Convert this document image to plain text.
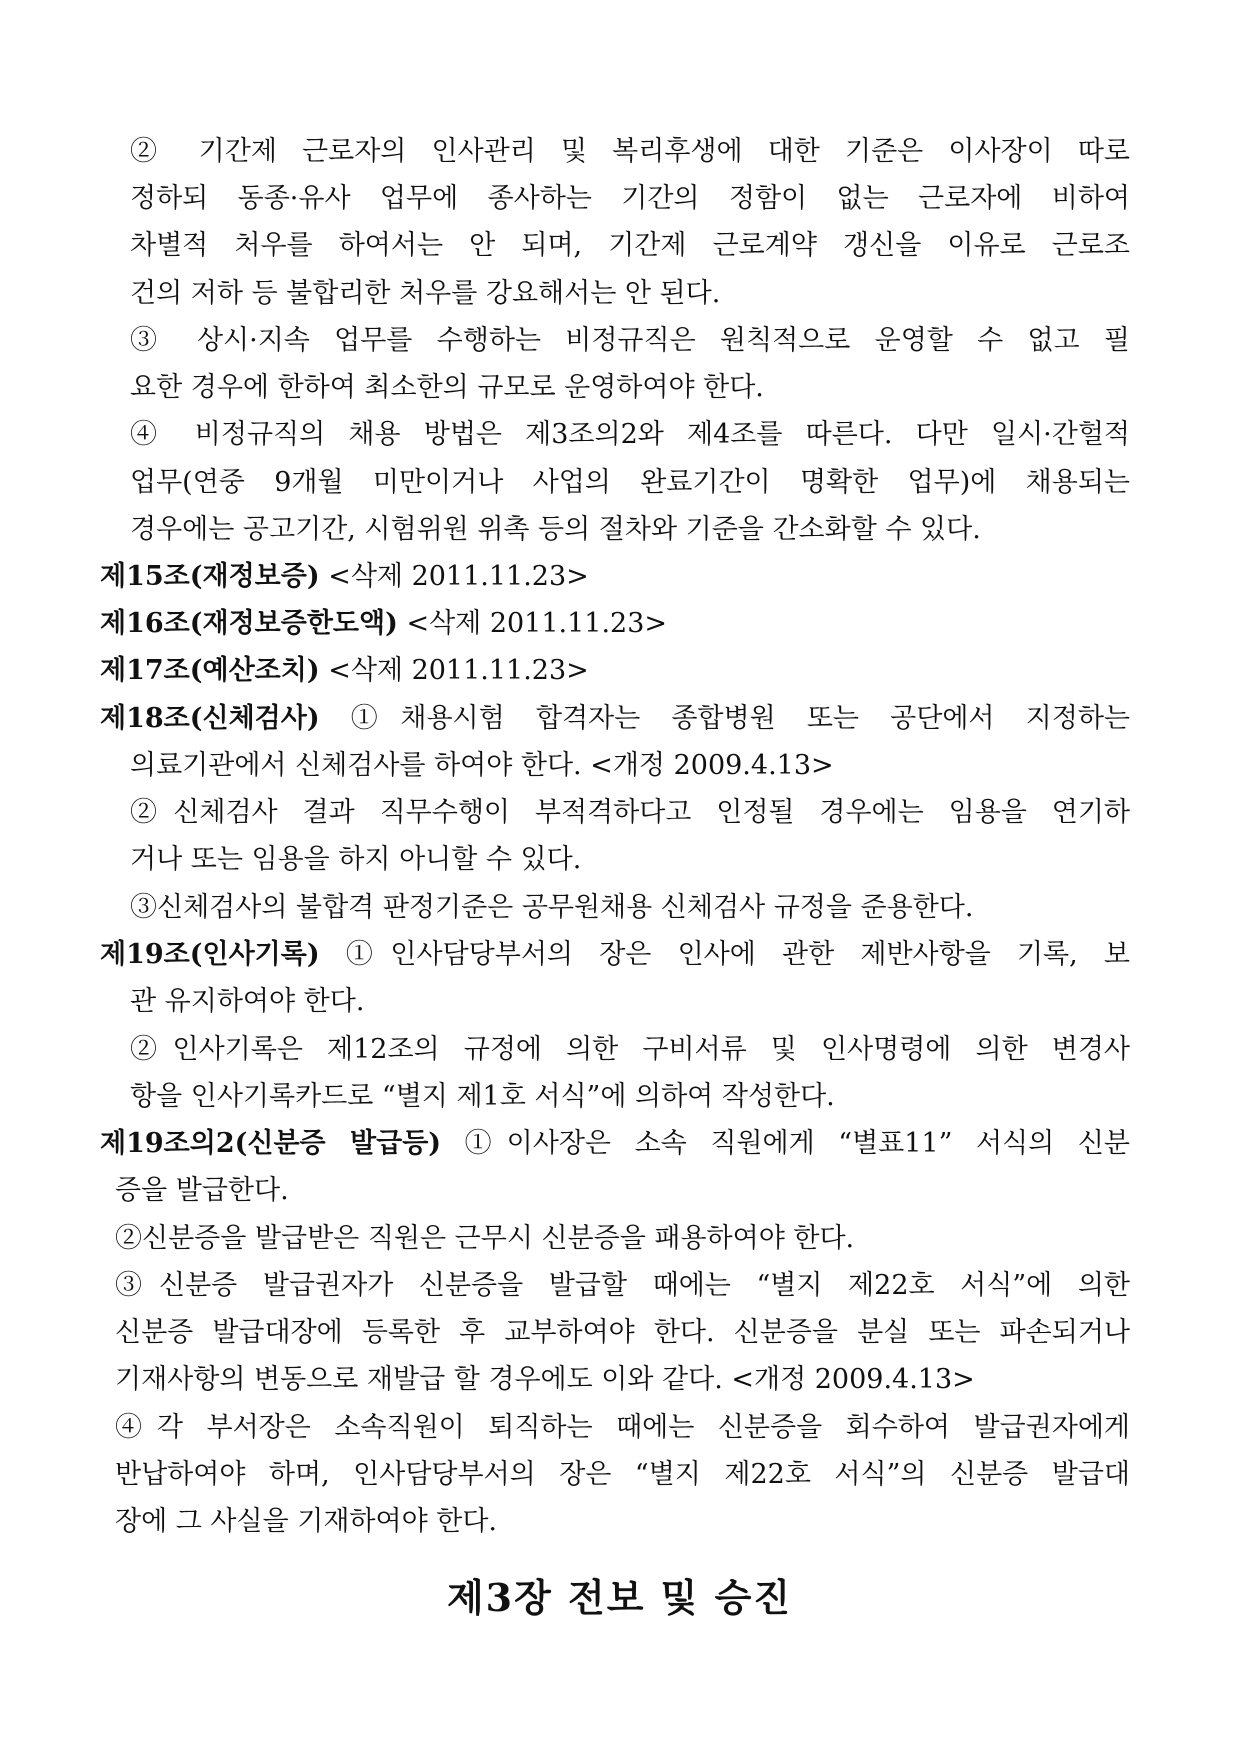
② 기간제 근로자의 인사관리 및 복리후생에 대한 기준은 이사장이 따로
정하되 동종·유사 업무에 종사하는 기간의 정함이 없는 근로자에 비하여
차별적 처우를 하여서는 안 되며, 기간제 근로계약 갱신을 이유로 근로조
건의 저하 등 불합리한 처우를 강요해서는 안 된다.
③ 상시·지속 업무를 수행하는 비정규직은 원칙적으로 운영할 수 없고 필
요한 경우에 한하여 최소한의 규모로 운영하여야 한다.
④ 비정규직의 채용 방법은 제3조의2와 제4조를 따른다. 다만 일시·간헐적
업무(연중 9개월 미만이거나 사업의 완료기간이 명확한 업무)에 채용되는
경우에는 공고기간, 시험위원 위촉 등의 절차와 기준을 간소화할 수 있다.
제15조(재정보증) <삭제 2011.11.23>
제16조(재정보증한도액) <삭제 2011.11.23>
제17조(예산조치) <삭제 2011.11.23>
제18조(신체검사) ①채용시험 합격자는 종합병원 또는 공단에서 지정하는
의료기관에서 신체검사를 하여야 한다. <개정 2009.4.13>
②신체검사 결과 직무수행이 부적격하다고 인정될 경우에는 임용을 연기하
거나 또는 임용을 하지 아니할 수 있다.
③신체검사의 불합격 판정기준은 공무원채용 신체검사 규정을 준용한다.
제19조(인사기록) ①인사담당부서의 장은 인사에 관한 제반사항을 기록, 보
관 유지하여야 한다.
②인사기록은 제12조의 규정에 의한 구비서류 및 인사명령에 의한 변경사
항을 인사기록카드로 “별지 제1호 서식”에 의하여 작성한다.
제19조의2(신분증 발급등) ①이사장은 소속 직원에게 “별표11” 서식의 신분
증을 발급한다.
②신분증을 발급받은 직원은 근무시 신분증을 패용하여야 한다.
③신분증 발급권자가 신분증을 발급할 때에는 “별지 제22호 서식”에 의한
신분증 발급대장에 등록한 후 교부하여야 한다. 신분증을 분실 또는 파손되거나
기재사항의 변동으로 재발급 할 경우에도 이와 같다. <개정 2009.4.13>
④각 부서장은 소속직원이 퇴직하는 때에는 신분증을 회수하여 발급권자에게
반납하여야 하며, 인사담당부서의 장은 “별지 제22호 서식”의 신분증 발급대
장에 그 사실을 기재하여야 한다.
제3장 전보 및 승진
